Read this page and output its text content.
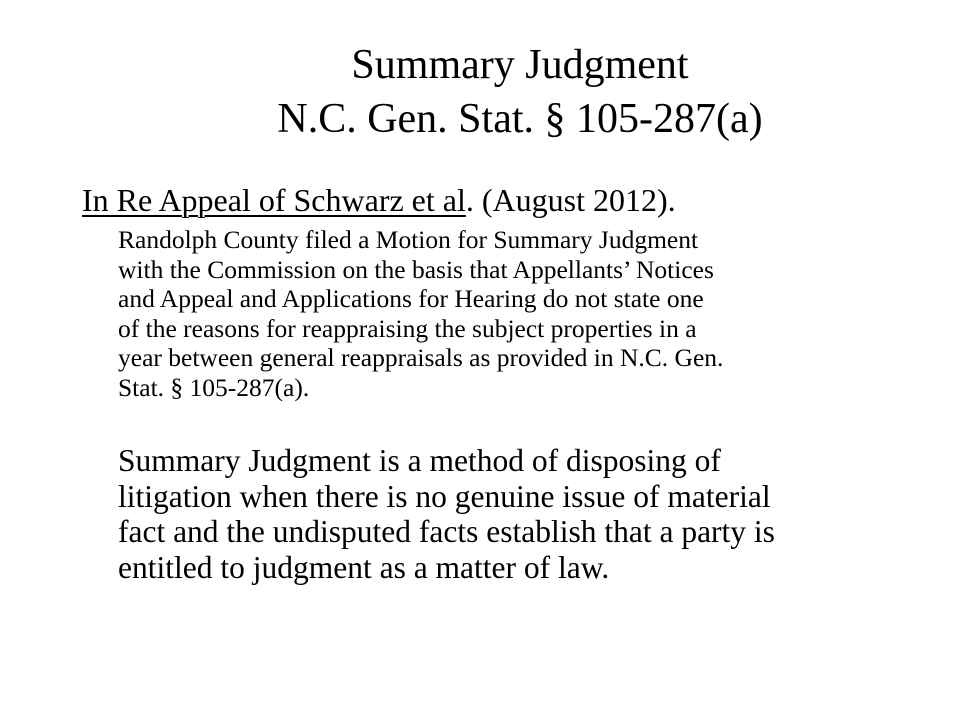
Summary Judgment
N.C. Gen. Stat. § 105-287(a)
In Re Appeal of Schwarz et al. (August 2012).

Randolph County filed a Motion for Summary Judgment
with the Commission on the basis that Appellants’ Notices
and Appeal and Applications for Hearing do not state one
of the reasons for reappraising the subject properties in a
year between general reappraisals as provided in N.C. Gen.
Stat. § 105-287(a).

Summary Judgment is a method of disposing of
litigation when there is no genuine issue of material
fact and the undisputed facts establish that a party is
entitled to judgment as a matter of law.
